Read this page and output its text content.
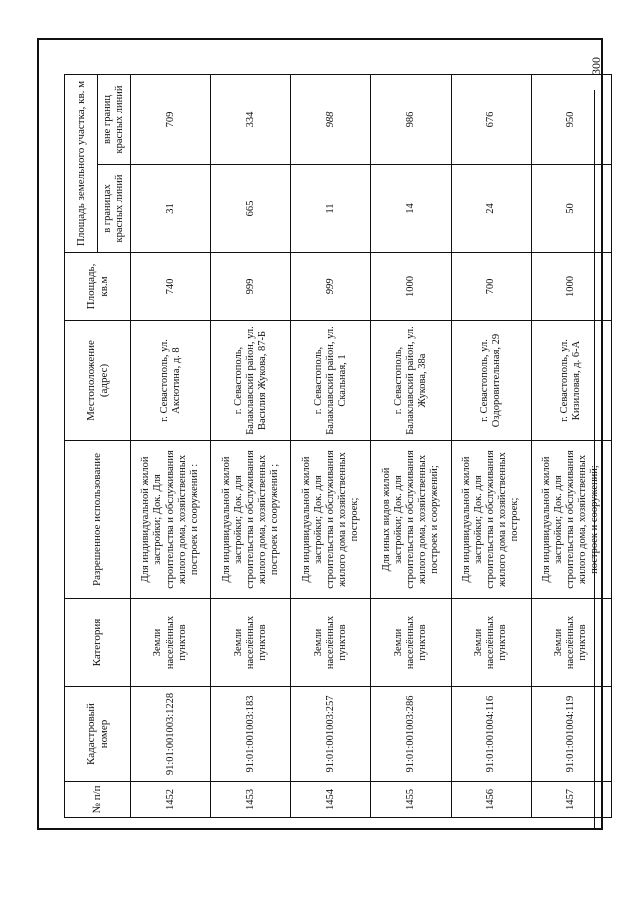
300
№ п/п	Кадастровый номер	Категория	Разрешенное использование	Местоположение (адрес)	Площадь, кв.м	Площадь земельного участка, кв. м	
						в границах красных линий	вне границ красных линий
1452	91:01:001003:1228	Земли населённых пунктов	Для индивидуальной жилой застройки; Док. Для строительства и обслуживания жилого дома, хозяйственных построек и сооружений :	г. Севастополь, ул. Аксютина, д. 8	740	31	709
1453	91:01:001003:183	Земли населённых пунктов	Для индивидуальной жилой застройки; Док. для строительства и обслуживания жилого дома, хозяйственных построек и сооружений ;	г. Севастополь, Балаклавский район, ул. Василия Жукова, 87-Б	999	665	334
1454	91:01:001003:257	Земли населённых пунктов	Для индивидуальной жилой застройки; Док. для строительства и обслуживания жилого дома и хозяйственных построек;	г. Севастополь, Балаклавский район, ул. Скальная, 1	999	11	988
1455	91:01:001003:286	Земли населённых пунктов	Для иных видов жилой застройки; Док. для строительства и обслуживания жилого дома, хозяйственных построек и сооружений;	г. Севастополь, Балаклавский район, ул. Жукова, 38а	1000	14	986
1456	91:01:001004:116	Земли населённых пунктов	Для индивидуальной жилой застройки; Док. для строительства и обслуживания жилого дома и хозяйственных построек;	г. Севастополь, ул. Оздоровительная, 29	700	24	676
1457	91:01:001004:119	Земли населённых пунктов	Для индивидуальной жилой застройки; Док. для строительства и обслуживания жилого дома, хозяйственных построек и сооружений;	г. Севастополь, ул. Кизиловая, д. 6-А	1000	50	950
